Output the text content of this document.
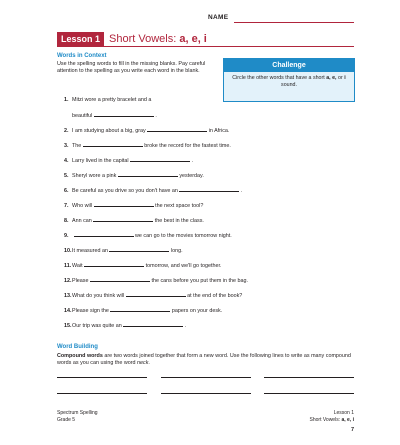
NAME
Lesson 1 Short Vowels: a, e, i
Words in Context
Use the spelling words to fill in the missing blanks. Pay careful attention to the spelling as you write each word in the blank.
Challenge
Circle the other words that have a short a, e, or i sound.
1. Mitzi wore a pretty bracelet and a
beautiful	.
2. I am studying about a big, gray	in Africa.
3. The	broke the record for the fastest time.
4. Larry lived in the capital	.
5. Sheryl wore a pink	yesterday.
6. Be careful as you drive so you don't have an	.
7. Who will	the next space tool?
8. Ann can	the best in the class.
9.	we can go to the movies tomorrow night.
10.It measured an	long.
11.Wait	tomorrow, and we'll go together.
12.Please	the cans before you put them in the bag.
13.What do you think will	at the end of the book?
14.Please sign the	papers on your desk.
15.Our trip was quite an	.
Word Building
Compound words are two words joined together that form a new word. Use the following lines to write as many compound words as you can using the word neck.
Spectrum Spelling
Grade 5
Lesson 1
Short Vowels: a, e, i
7
